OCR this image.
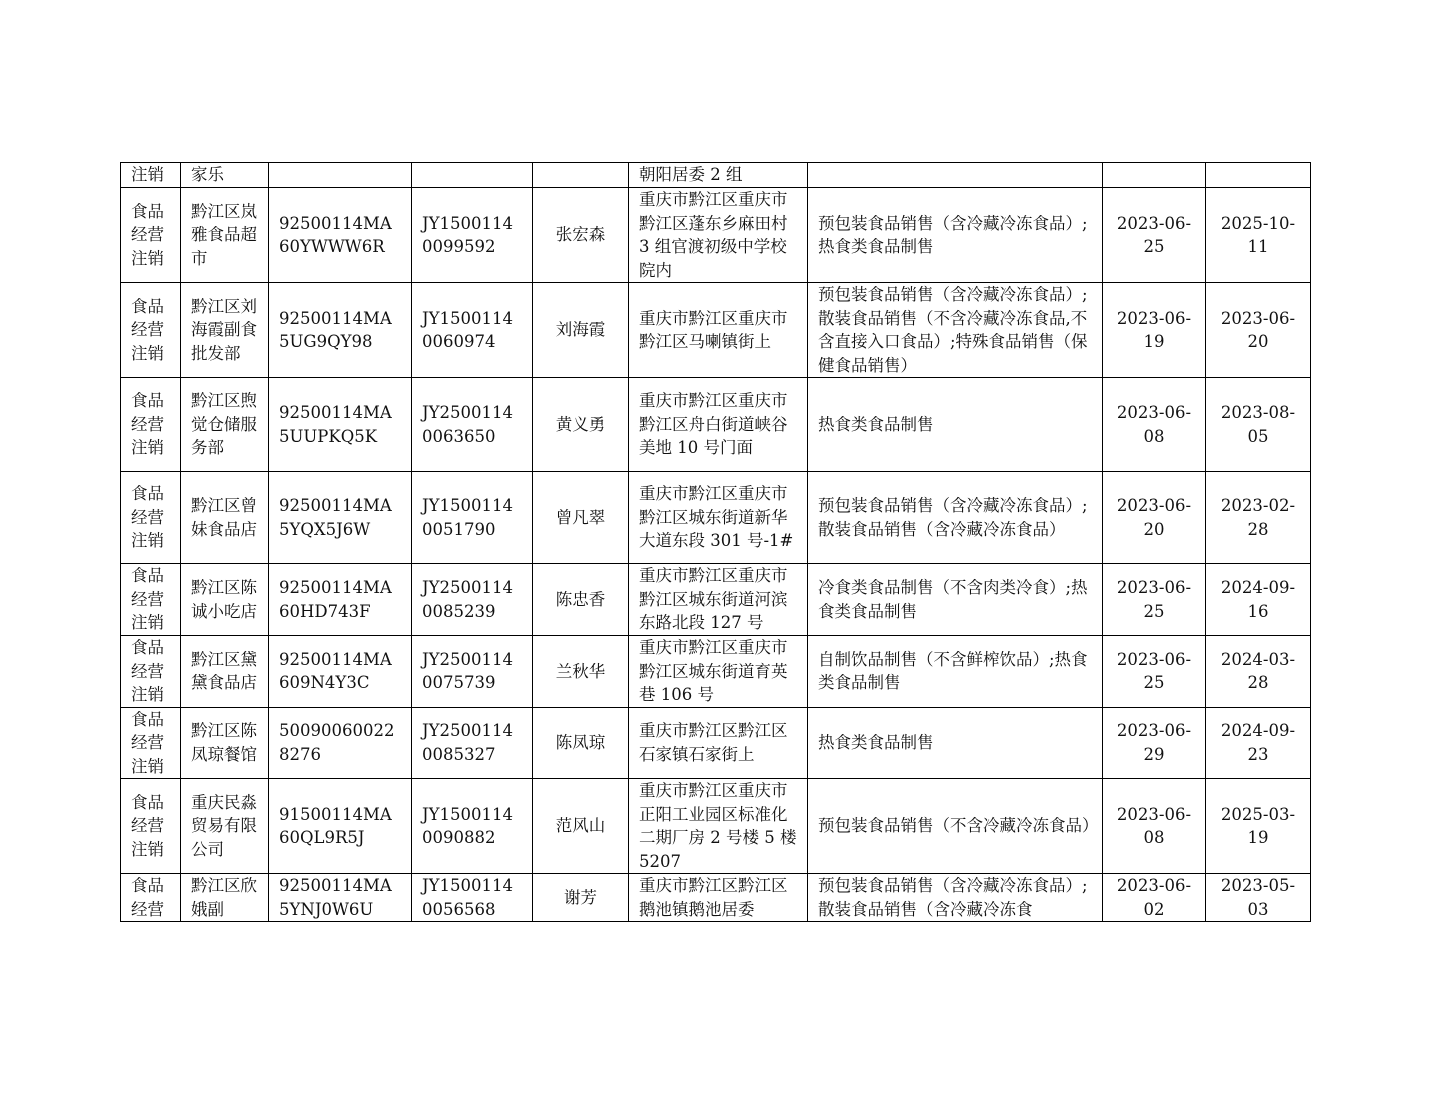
注销	家乐				朝阳居委 2 组			
食品经营注销	黔江区岚雅食品超市	92500114MA60YWWW6R	JY15001140099592	张宏森	重庆市黔江区重庆市黔江区蓬东乡麻田村 3 组官渡初级中学校院内	预包装食品销售（含冷藏冷冻食品）;热食类食品制售	2023-06-25	2025-10-11
食品经营注销	黔江区刘海霞副食批发部	92500114MA5UG9QY98	JY15001140060974	刘海霞	重庆市黔江区重庆市黔江区马喇镇街上	预包装食品销售（含冷藏冷冻食品）;散装食品销售（不含冷藏冷冻食品,不含直接入口食品）;特殊食品销售（保健食品销售）	2023-06-19	2023-06-20
食品经营注销	黔江区煦觉仓储服务部	92500114MA5UUPKQ5K	JY25001140063650	黄义勇	重庆市黔江区重庆市黔江区舟白街道峡谷美地 10 号门面	热食类食品制售	2023-06-08	2023-08-05
食品经营注销	黔江区曾妹食品店	92500114MA5YQX5J6W	JY15001140051790	曾凡翠	重庆市黔江区重庆市黔江区城东街道新华大道东段 301 号-1#	预包装食品销售（含冷藏冷冻食品）;散装食品销售（含冷藏冷冻食品）	2023-06-20	2023-02-28
食品经营注销	黔江区陈诚小吃店	92500114MA60HD743F	JY25001140085239	陈忠香	重庆市黔江区重庆市黔江区城东街道河滨东路北段 127 号	冷食类食品制售（不含肉类冷食）;热食类食品制售	2023-06-25	2024-09-16
食品经营注销	黔江区黛黛食品店	92500114MA609N4Y3C	JY25001140075739	兰秋华	重庆市黔江区重庆市黔江区城东街道育英巷 106 号	自制饮品制售（不含鲜榨饮品）;热食类食品制售	2023-06-25	2024-03-28
食品经营注销	黔江区陈凤琼餐馆	500900600228276	JY25001140085327	陈凤琼	重庆市黔江区黔江区石家镇石家街上	热食类食品制售	2023-06-29	2024-09-23
食品经营注销	重庆民淼贸易有限公司	91500114MA60QL9R5J	JY15001140090882	范风山	重庆市黔江区重庆市正阳工业园区标准化二期厂房 2 号楼 5 楼 5207	预包装食品销售（不含冷藏冷冻食品）	2023-06-08	2025-03-19
食品经营	黔江区欣娥副	92500114MA5YNJ0W6U	JY15001140056568	谢芳	重庆市黔江区黔江区鹅池镇鹅池居委	预包装食品销售（含冷藏冷冻食品）;散装食品销售（含冷藏冷冻食	2023-06-02	2023-05-03
